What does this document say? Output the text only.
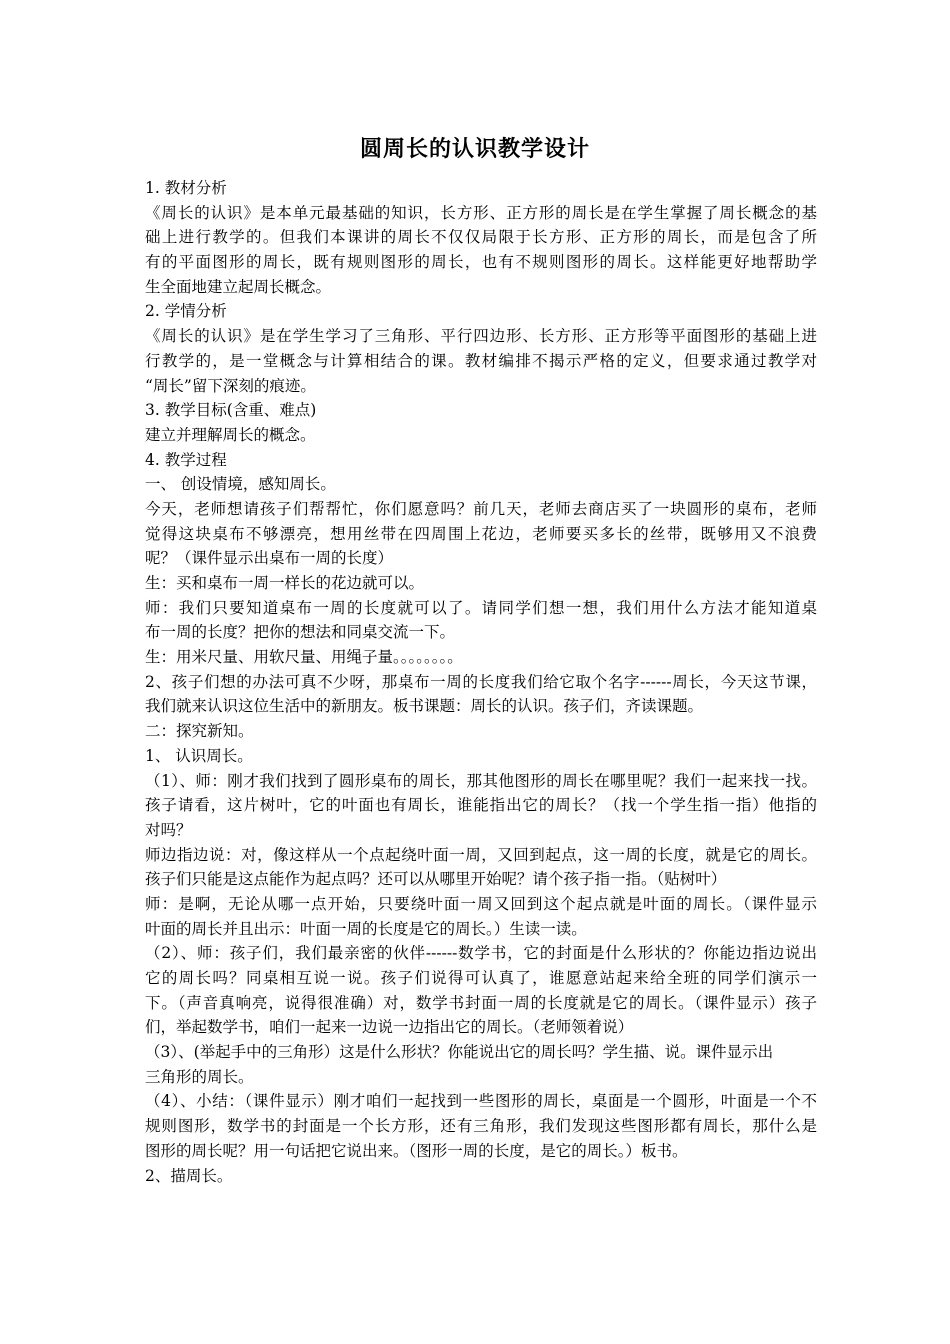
圆周长的认识教学设计
1. 教材分析
《周长的认识》是本单元最基础的知识，长方形、正方形的周长是在学生掌握了周长概念的基
础上进行教学的。但我们本课讲的周长不仅仅局限于长方形、正方形的周长，而是包含了所
有的平面图形的周长，既有规则图形的周长，也有不规则图形的周长。这样能更好地帮助学
生全面地建立起周长概念。
2. 学情分析
《周长的认识》是在学生学习了三角形、平行四边形、长方形、正方形等平面图形的基础上进
行教学的，是一堂概念与计算相结合的课。教材编排不揭示严格的定义，但要求通过教学对
“周长”留下深刻的痕迹。
3. 教学目标(含重、难点)
建立并理解周长的概念。
4. 教学过程
一、 创设情境，感知周长。
今天，老师想请孩子们帮帮忙，你们愿意吗？前几天，老师去商店买了一块圆形的桌布，老师
觉得这块桌布不够漂亮，想用丝带在四周围上花边，老师要买多长的丝带，既够用又不浪费
呢？（课件显示出桌布一周的长度）
生：买和桌布一周一样长的花边就可以。
师：我们只要知道桌布一周的长度就可以了。请同学们想一想，我们用什么方法才能知道桌
布一周的长度？把你的想法和同桌交流一下。
生：用米尺量、用软尺量、用绳子量。。。。。。。。
2、孩子们想的办法可真不少呀，那桌布一周的长度我们给它取个名字------周长，今天这节课，
我们就来认识这位生活中的新朋友。板书课题：周长的认识。孩子们，齐读课题。
二：探究新知。
1、 认识周长。
（1）、师：刚才我们找到了圆形桌布的周长，那其他图形的周长在哪里呢？我们一起来找一找。
孩子请看，这片树叶，它的叶面也有周长，谁能指出它的周长？（找一个学生指一指）他指的
对吗？
师边指边说：对，像这样从一个点起绕叶面一周，又回到起点，这一周的长度，就是它的周长。
孩子们只能是这点能作为起点吗？还可以从哪里开始呢？请个孩子指一指。（贴树叶）
师：是啊，无论从哪一点开始，只要绕叶面一周又回到这个起点就是叶面的周长。（课件显示
叶面的周长并且出示：叶面一周的长度是它的周长。）生读一读。
（2）、师：孩子们，我们最亲密的伙伴------数学书，它的封面是什么形状的？你能边指边说出
它的周长吗？同桌相互说一说。孩子们说得可认真了，谁愿意站起来给全班的同学们演示一
下。（声音真响亮，说得很准确）对，数学书封面一周的长度就是它的周长。（课件显示）孩子
们，举起数学书，咱们一起来一边说一边指出它的周长。（老师领着说）
（3）、(举起手中的三角形）这是什么形状？你能说出它的周长吗？学生描、说。课件显示出
三角形的周长。
（4）、小结：（课件显示）刚才咱们一起找到一些图形的周长，桌面是一个圆形，叶面是一个不
规则图形，数学书的封面是一个长方形，还有三角形，我们发现这些图形都有周长，那什么是
图形的周长呢？用一句话把它说出来。（图形一周的长度，是它的周长。）板书。
2、描周长。
